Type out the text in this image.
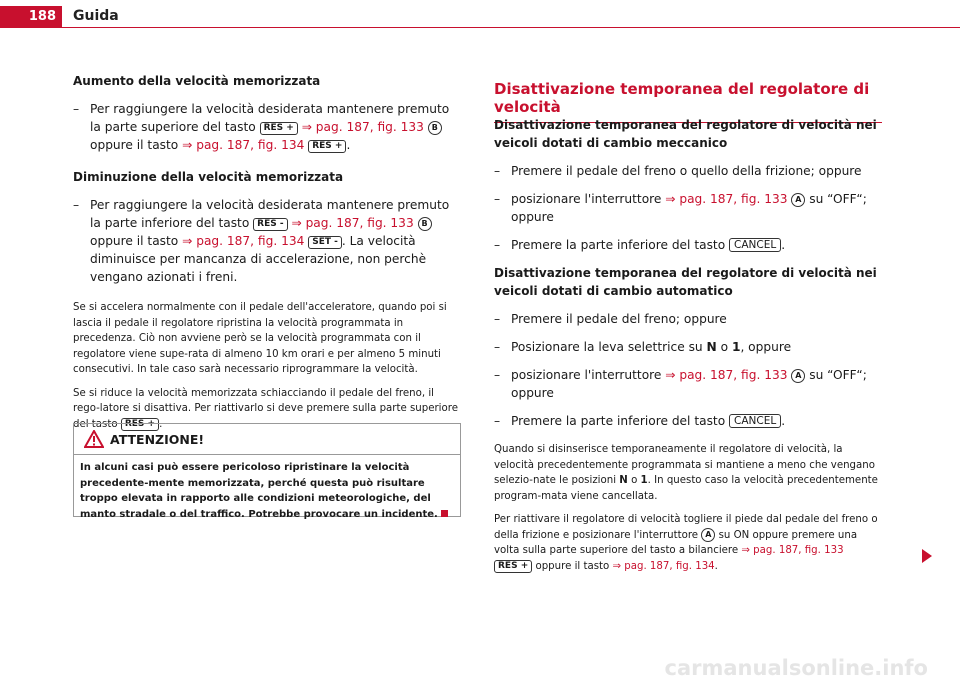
188	Guida
Aumento della velocità memorizzata
– Per raggiungere la velocità desiderata mantenere premuto la parte superiore del tasto RES + ⇒ pag. 187, fig. 133 B oppure il tasto ⇒ pag. 187, fig. 134 RES + .
Diminuzione della velocità memorizzata
– Per raggiungere la velocità desiderata mantenere premuto la parte inferiore del tasto RES - ⇒ pag. 187, fig. 133 B oppure il tasto ⇒ pag. 187, fig. 134 SET - . La velocità diminuisce per mancanza di accelerazione, non perchè vengano azionati i freni.
Se si accelera normalmente con il pedale dell'acceleratore, quando poi si lascia il pedale il regolatore ripristina la velocità programmata in precedenza. Ciò non avviene però se la velocità programmata con il regolatore viene supe-rata di almeno 10 km orari e per almeno 5 minuti consecutivi. In tale caso sarà necessario riprogrammare la velocità.
Se si riduce la velocità memorizzata schiacciando il pedale del freno, il rego-latore si disattiva. Per riattivarlo si deve premere sulla parte superiore del tasto RES + .
ATTENZIONE!
In alcuni casi può essere pericoloso ripristinare la velocità precedente-mente memorizzata, perché questa può risultare troppo elevata in rapporto alle condizioni meteorologiche, del manto stradale o del traffico. Potrebbe provocare un incidente.
Disattivazione temporanea del regolatore di velocità
Disattivazione temporanea del regolatore di velocità nei veicoli dotati di cambio meccanico
– Premere il pedale del freno o quello della frizione; oppure
– posizionare l'interruttore ⇒ pag. 187, fig. 133 A su “OFF“; oppure
– Premere la parte inferiore del tasto CANCEL .
Disattivazione temporanea del regolatore di velocità nei veicoli dotati di cambio automatico
– Premere il pedale del freno; oppure
– Posizionare la leva selettrice su N o 1, oppure
– posizionare l'interruttore ⇒ pag. 187, fig. 133 A su “OFF“; oppure
– Premere la parte inferiore del tasto CANCEL .
Quando si disinserisce temporaneamente il regolatore di velocità, la velocità precedentemente programmata si mantiene a meno che vengano selezio-nate le posizioni N o 1. In questo caso la velocità precedentemente program-mata viene cancellata.
Per riattivare il regolatore di velocità togliere il piede dal pedale del freno o della frizione e posizionare l'interruttore A su ON oppure premere una volta sulla parte superiore del tasto a bilanciere ⇒ pag. 187, fig. 133 RES + oppure il tasto ⇒ pag. 187, fig. 134.
carmanualsonline.info
